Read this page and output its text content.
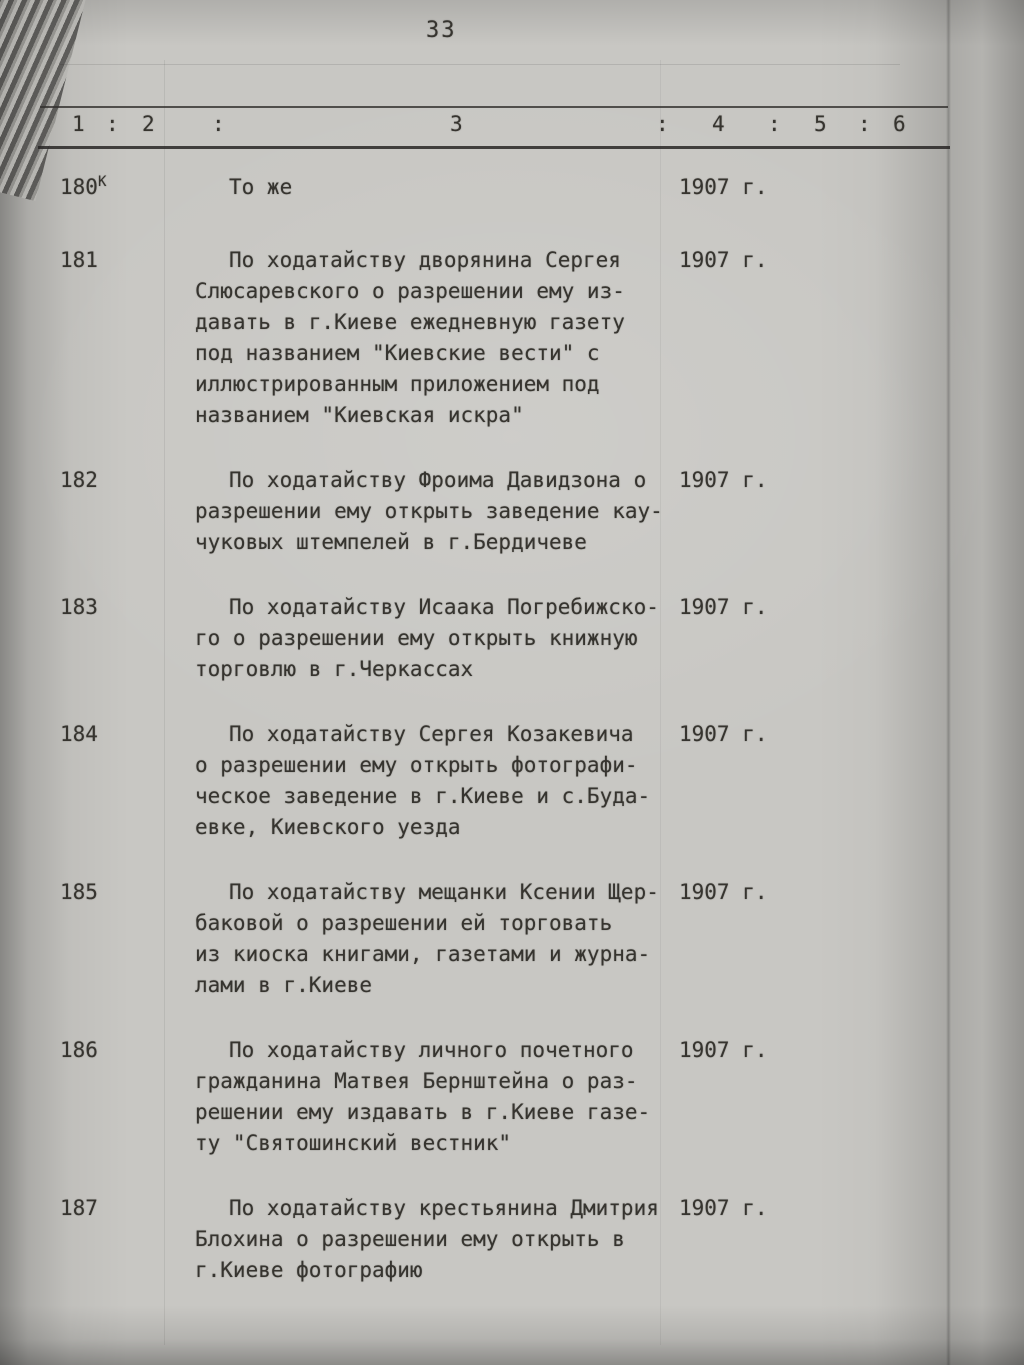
33
1 : 2	:	3	: 4 : 5 : 6
$180^К$	То же	1907 г.
181	По ходатайству дворянина Сергея
Слюсаревского о разрешении ему из-
давать в г.Киеве ежедневную газету
под названием "Киевские вести" с
иллюстрированным приложением под
названием "Киевская искра"
1907 г.
182	По ходатайству Фроима Давидзона о
разрешении ему открыть заведение кау-
чуковых штемпелей в г.Бердичеве
1907 г.
183	По ходатайству Исаака Погребижско-
го о разрешении ему открыть книжную
торговлю в г.Черкассах
1907 г.
184	По ходатайству Сергея Козакевича
о разрешении ему открыть фотографи-
ческое заведение в г.Киеве и с.Буда-
евке, Киевского уезда
1907 г.
185	По ходатайству мещанки Ксении Щер-
баковой о разрешении ей торговать
из киоска книгами, газетами и журна-
лами в г.Киеве
1907 г.
186	По ходатайству личного почетного
гражданина Матвея Бернштейна о раз-
решении ему издавать в г.Киеве газе-
ту "Святошинский вестник"
1907 г.
187	По ходатайству крестьянина Дмитрия
Блохина о разрешении ему открыть в
г.Киеве фотографию
1907 г.
